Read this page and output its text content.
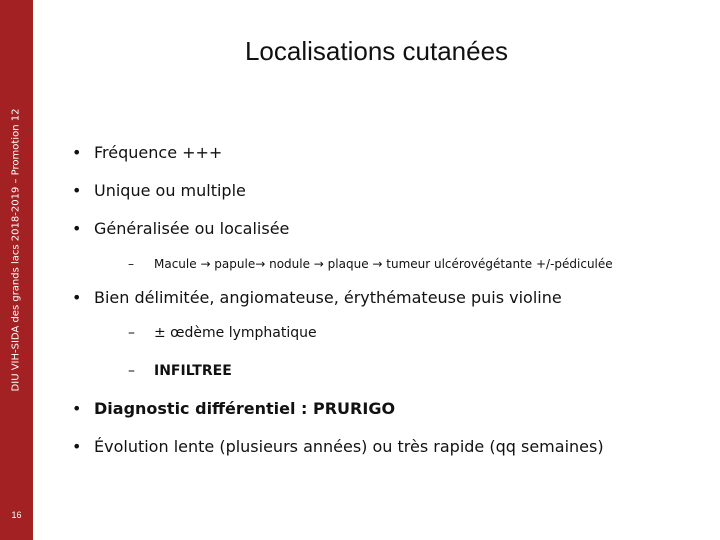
DIU VIH-SIDA des grands lacs 2018-2019 – Promotion 12
16
Localisations cutanées
• Fréquence +++
• Unique ou multiple
• Généralisée ou localisée
– Macule → papule→ nodule → plaque → tumeur ulcérovégétante +/-pédiculée
• Bien délimitée, angiomateuse, érythémateuse puis violine
– ± œdème lymphatique
– INFILTREE
• Diagnostic différentiel : PRURIGO
• Évolution lente (plusieurs années) ou très rapide (qq semaines)
